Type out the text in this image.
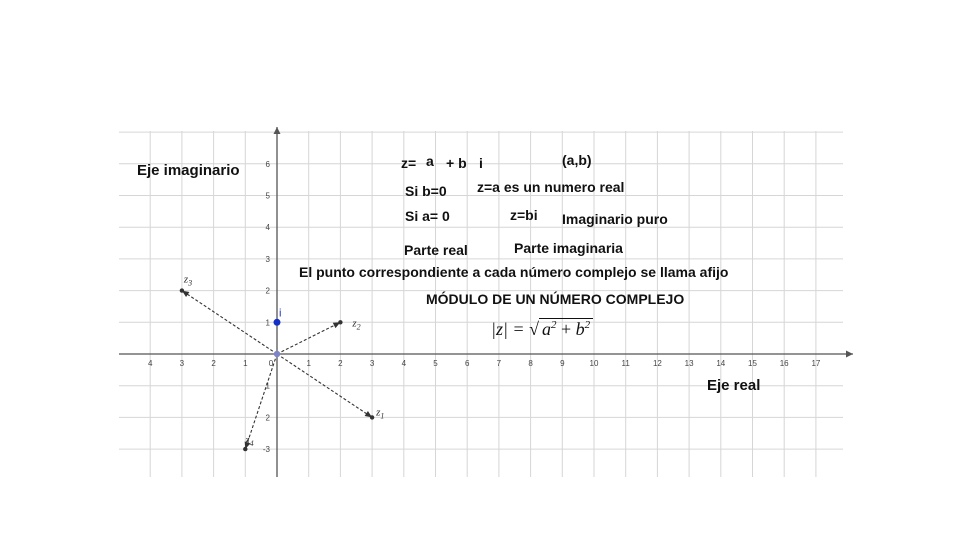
4	3	2	1	0	1	2	3	4	5	6	7	8	9	10	11	12	13	14	15	16	17
1
2
3
4
5
6
1
2
-3
$z_1$
$z_2$
$z_3$
$z_4$
i
Eje imaginario
Eje real
z= a + b i	(a,b)
Si b=0 z=a es un numero real
Si a= 0	z=bi Imaginario puro
Parte real	Parte imaginaria
El punto correspondiente a cada número complejo se llama afijo
MÓDULO DE UN NÚMERO COMPLEJO
|z| = √ $a^2 + b^2$
